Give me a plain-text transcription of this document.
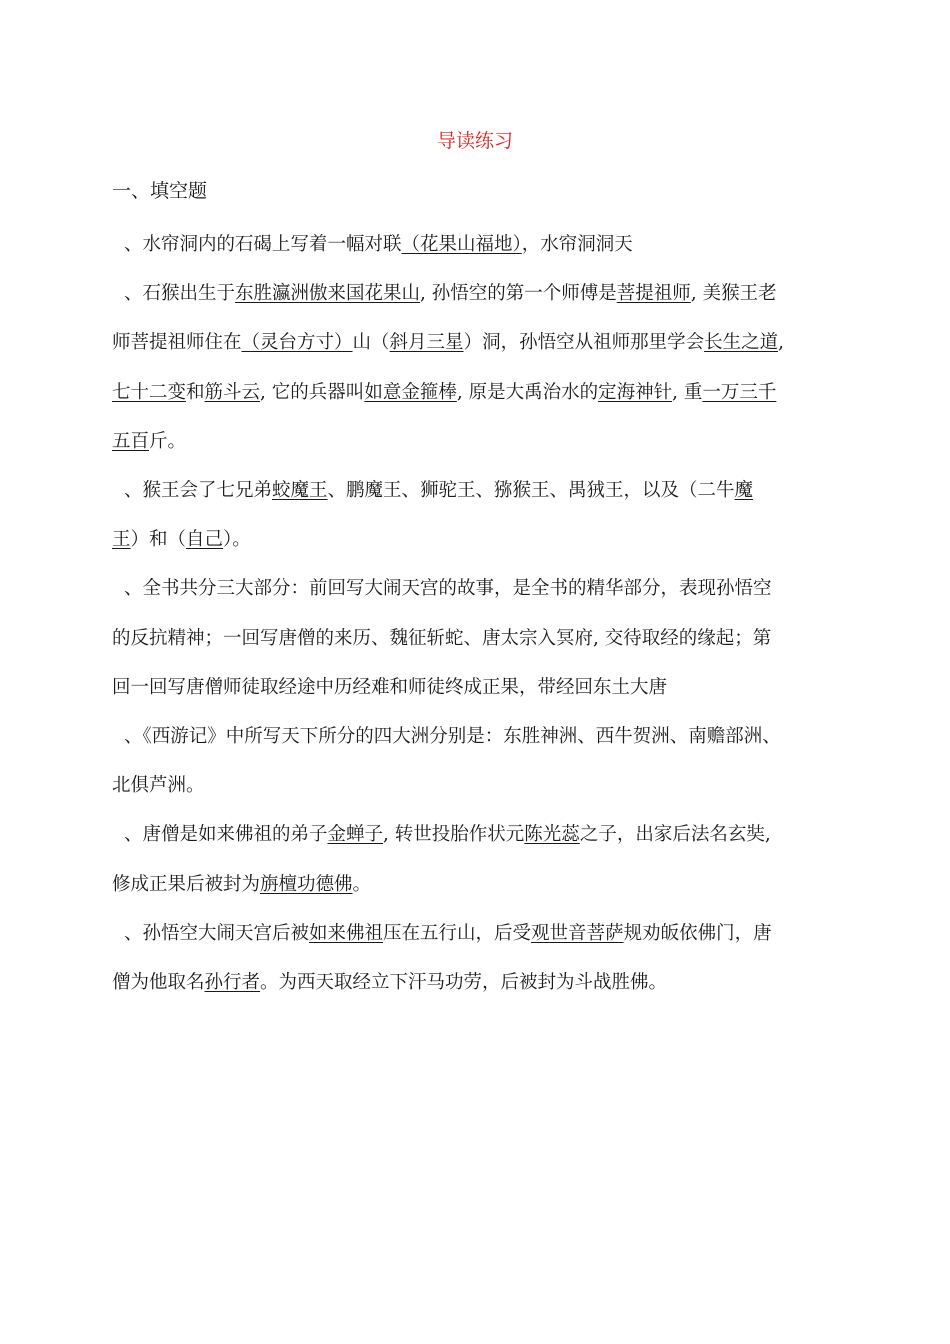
导读练习
一、填空题

、水帘洞内的石碣上写着一幅对联（花果山福地），水帘洞洞天

、石猴出生于东胜瀛洲傲来国花果山, 孙悟空的第一个师傅是菩提祖师, 美猴王老

师菩提祖师住在（灵台方寸）山（斜月三星）洞，孙悟空从祖师那里学会长生之道,

七十二变和筋斗云, 它的兵器叫如意金箍棒, 原是大禹治水的定海神针, 重一万三千

五百斤。

、猴王会了七兄弟蛟魔王、鹏魔王、狮驼王、猕猴王、禺狨王，以及（二牛魔

王）和（自己）。

、全书共分三大部分：前回写大闹天宫的故事，是全书的精华部分，表现孙悟空

的反抗精神；一回写唐僧的来历、魏征斩蛇、唐太宗入冥府, 交待取经的缘起；第

回一回写唐僧师徒取经途中历经难和师徒终成正果，带经回东土大唐

、《西游记》中所写天下所分的四大洲分别是：东胜神洲、西牛贺洲、南赡部洲、

北俱芦洲。

、唐僧是如来佛祖的弟子金蝉子, 转世投胎作状元陈光蕊之子，出家后法名玄奘,

修成正果后被封为旃檀功德佛。

、孙悟空大闹天宫后被如来佛祖压在五行山，后受观世音菩萨规劝皈依佛门，唐

僧为他取名孙行者。为西天取经立下汗马功劳，后被封为斗战胜佛。
